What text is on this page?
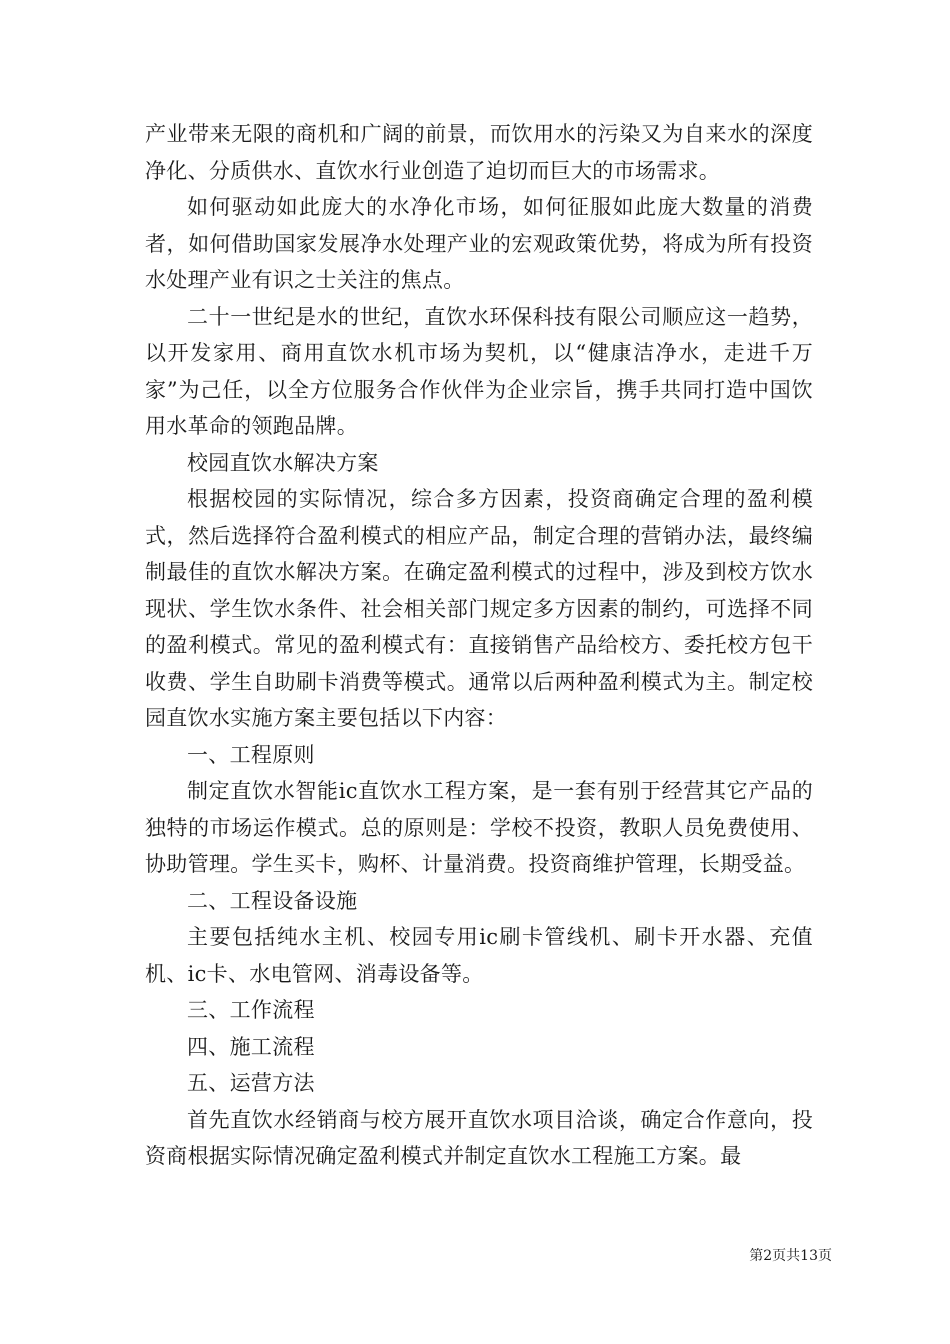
产业带来无限的商机和广阔的前景，而饮用水的污染又为自来水的深度净化、分质供水、直饮水行业创造了迫切而巨大的市场需求。

如何驱动如此庞大的水净化市场，如何征服如此庞大数量的消费者，如何借助国家发展净水处理产业的宏观政策优势，将成为所有投资水处理产业有识之士关注的焦点。

二十一世纪是水的世纪，直饮水环保科技有限公司顺应这一趋势，以开发家用、商用直饮水机市场为契机，以“健康洁净水，走进千万家”为己任，以全方位服务合作伙伴为企业宗旨，携手共同打造中国饮用水革命的领跑品牌。

校园直饮水解决方案

根据校园的实际情况，综合多方因素，投资商确定合理的盈利模式，然后选择符合盈利模式的相应产品，制定合理的营销办法，最终编制最佳的直饮水解决方案。在确定盈利模式的过程中，涉及到校方饮水现状、学生饮水条件、社会相关部门规定多方因素的制约，可选择不同的盈利模式。常见的盈利模式有：直接销售产品给校方、委托校方包干收费、学生自助刷卡消费等模式。通常以后两种盈利模式为主。制定校园直饮水实施方案主要包括以下内容：

一、工程原则

制定直饮水智能ic直饮水工程方案，是一套有别于经营其它产品的独特的市场运作模式。总的原则是：学校不投资，教职人员免费使用、协助管理。学生买卡，购杯、计量消费。投资商维护管理，长期受益。

二、工程设备设施

主要包括纯水主机、校园专用ic刷卡管线机、刷卡开水器、充值机、ic卡、水电管网、消毒设备等。

三、工作流程

四、施工流程

五、运营方法

首先直饮水经销商与校方展开直饮水项目洽谈，确定合作意向，投资商根据实际情况确定盈利模式并制定直饮水工程施工方案。最

第2页共13页
